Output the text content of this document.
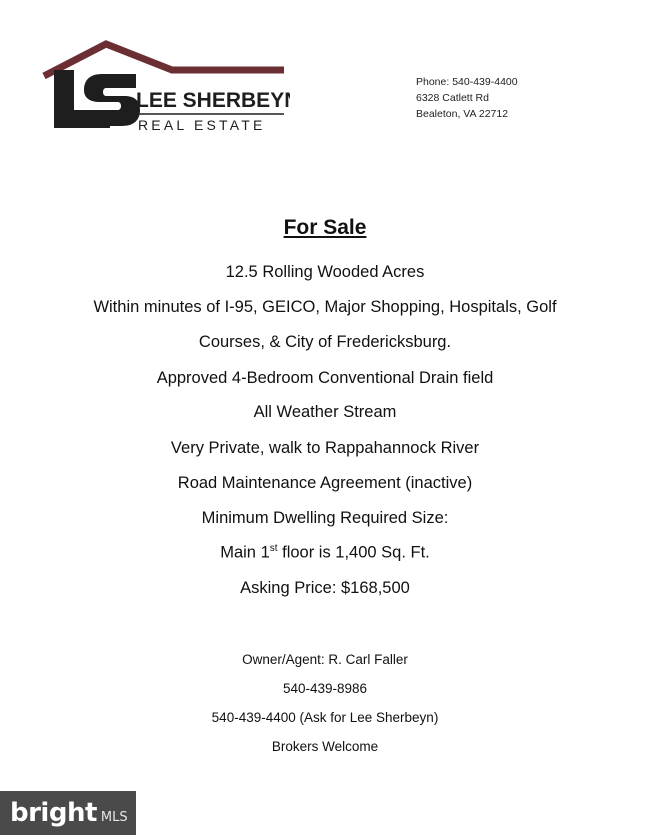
LEE SHERBEYN
REAL ESTATE
Phone: 540-439-4400
6328 Catlett Rd
Bealeton, VA 22712
For Sale
12.5 Rolling Wooded Acres
Within minutes of I-95, GEICO, Major Shopping, Hospitals, Golf
Courses, & City of Fredericksburg.
Approved 4-Bedroom Conventional Drain field
All Weather Stream
Very Private, walk to Rappahannock River
Road Maintenance Agreement (inactive)
Minimum Dwelling Required Size:
Main 1st floor is 1,400 Sq. Ft.
Asking Price: $168,500
Owner/Agent: R. Carl Faller
540-439-8986
540-439-4400 (Ask for Lee Sherbeyn)
Brokers Welcome
bright MLS
